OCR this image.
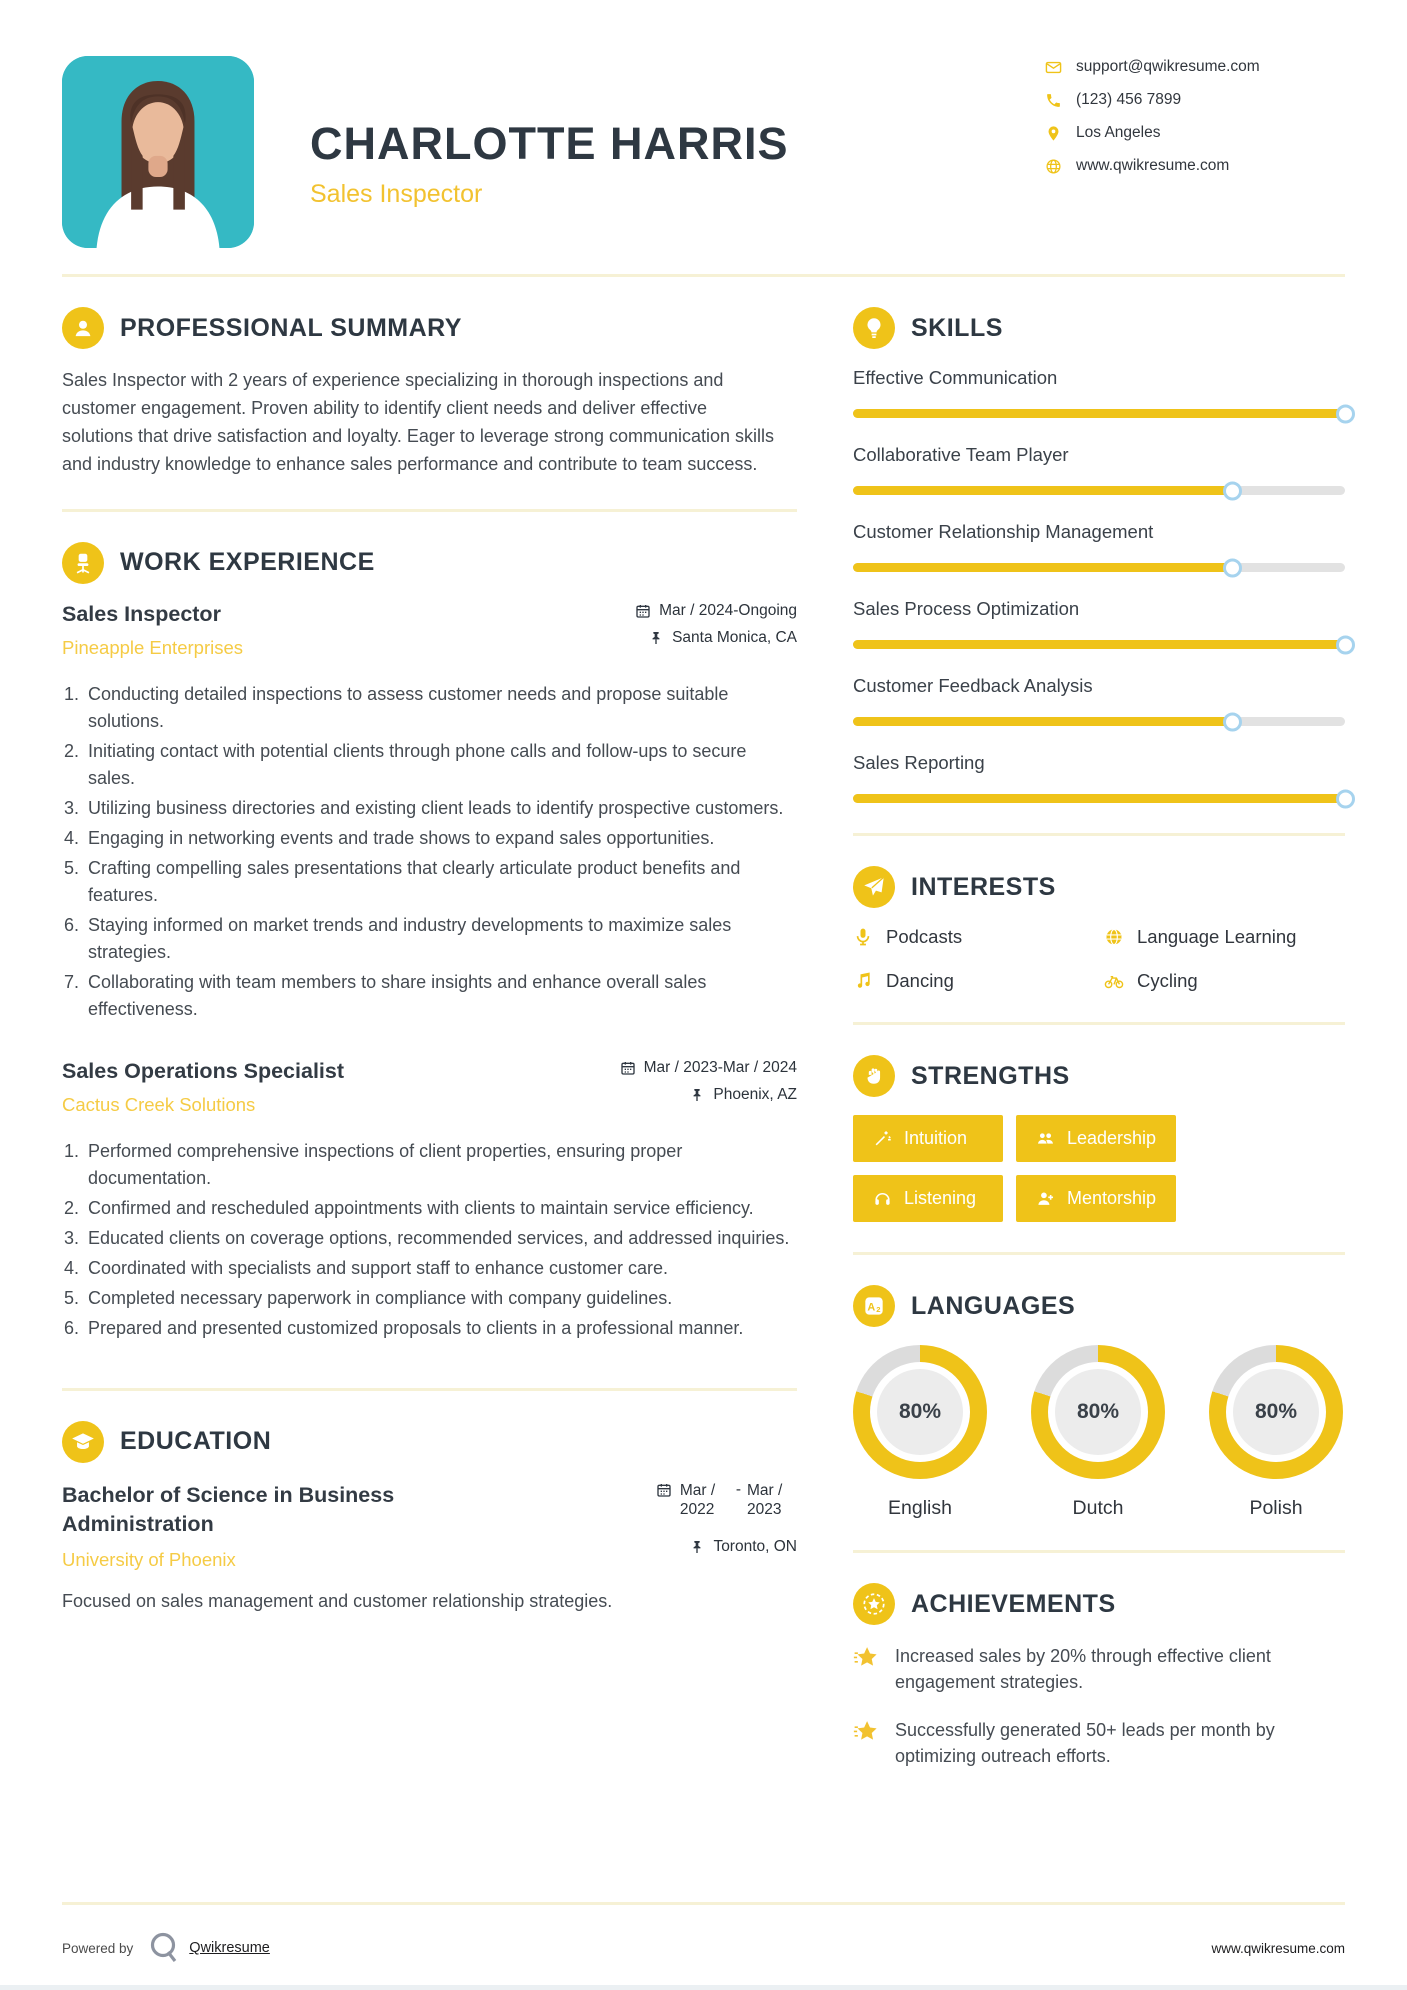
CHARLOTTE HARRIS
Sales Inspector
support@qwikresume.com
(123) 456 7899
Los Angeles
www.qwikresume.com
PROFESSIONAL SUMMARY

Sales Inspector with 2 years of experience specializing in thorough inspections and customer engagement. Proven ability to identify client needs and deliver effective solutions that drive satisfaction and loyalty. Eager to leverage strong communication skills and industry knowledge to enhance sales performance and contribute to team success.

WORK EXPERIENCE
Sales Inspector
Pineapple Enterprises
Mar / 2024-Ongoing
Santa Monica, CA
1. Conducting detailed inspections to assess customer needs and propose suitable solutions.
2. Initiating contact with potential clients through phone calls and follow-ups to secure sales.
3. Utilizing business directories and existing client leads to identify prospective customers.
4. Engaging in networking events and trade shows to expand sales opportunities.
5. Crafting compelling sales presentations that clearly articulate product benefits and features.
6. Staying informed on market trends and industry developments to maximize sales strategies.
7. Collaborating with team members to share insights and enhance overall sales effectiveness.
Sales Operations Specialist
Cactus Creek Solutions
Mar / 2023-Mar / 2024
Phoenix, AZ
1. Performed comprehensive inspections of client properties, ensuring proper documentation.
2. Confirmed and rescheduled appointments with clients to maintain service efficiency.
3. Educated clients on coverage options, recommended services, and addressed inquiries.
4. Coordinated with specialists and support staff to enhance customer care.
5. Completed necessary paperwork in compliance with company guidelines.
6. Prepared and presented customized proposals to clients in a professional manner.
EDUCATION
Bachelor of Science in Business Administration
University of Phoenix
Mar / 2022
- Mar / 2023
Toronto, ON

Focused on sales management and customer relationship strategies.

SKILLS
Effective Communication
Collaborative Team Player
Customer Relationship Management
Sales Process Optimization
Customer Feedback Analysis
Sales Reporting
INTERESTS
Podcasts	Language Learning
Dancing	Cycling
STRENGTHS
Intuition	Leadership
Listening	Mentorship
A 2 LANGUAGES
80%
English
80%
Dutch
80%
Polish
ACHIEVEMENTS
Increased sales by 20% through effective client engagement strategies.
Successfully generated 50+ leads per month by optimizing outreach efforts.
Powered by	Qwikresume	www.qwikresume.com
